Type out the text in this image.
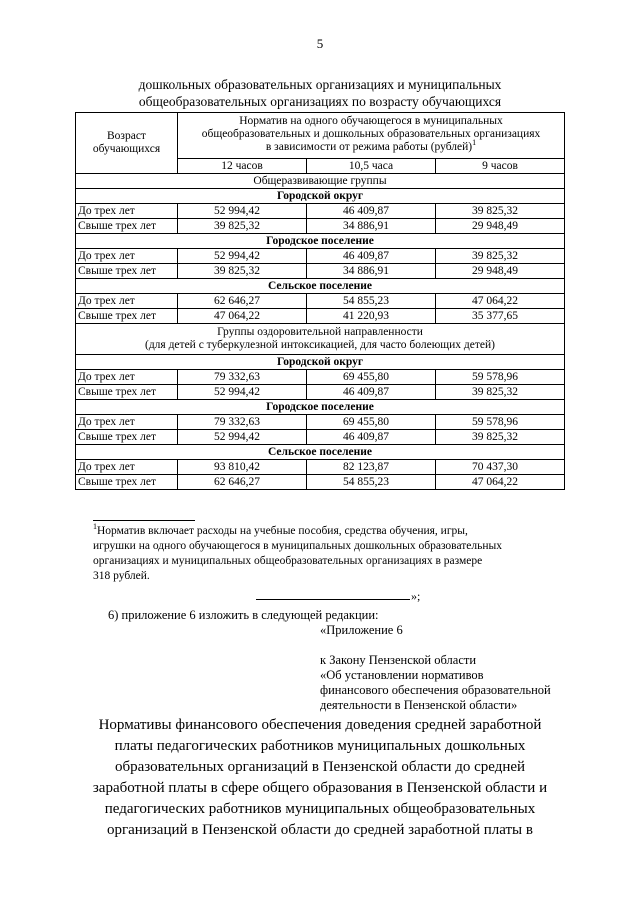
5
дошкольных образовательных организациях и муниципальных
общеобразовательных организациях по возрасту обучающихся
Возраст
обучающихся	Норматив на одного обучающегося в муниципальных
общеобразовательных и дошкольных образовательных организациях
в зависимости от режима работы (рублей)$^1$
	12 часов	10,5 часа	9 часов
Общеразвивающие группы			
Городской округ			
До трех лет	52 994,42	46 409,87	39 825,32
Свыше трех лет	39 825,32	34 886,91	29 948,49
Городское поселение			
До трех лет	52 994,42	46 409,87	39 825,32
Свыше трех лет	39 825,32	34 886,91	29 948,49
Сельское поселение			
До трех лет	62 646,27	54 855,23	47 064,22
Свыше трех лет	47 064,22	41 220,93	35 377,65
Группы оздоровительной направленности
(для детей с туберкулезной интоксикацией, для часто болеющих детей)			
Городской округ			
До трех лет	79 332,63	69 455,80	59 578,96
Свыше трех лет	52 994,42	46 409,87	39 825,32
Городское поселение			
До трех лет	79 332,63	69 455,80	59 578,96
Свыше трех лет	52 994,42	46 409,87	39 825,32
Сельское поселение			
До трех лет	93 810,42	82 123,87	70 437,30
Свыше трех лет	62 646,27	54 855,23	47 064,22
$^1$Норматив включает расходы на учебные пособия, средства обучения, игры,
игрушки на одного обучающегося в муниципальных дошкольных образовательных
организациях и муниципальных общеобразовательных организациях в размере
318 рублей.
»;
6) приложение 6 изложить в следующей редакции:
«Приложение 6
к Закону Пензенской области
«Об установлении нормативов
финансового обеспечения образовательной
деятельности в Пензенской области»
Нормативы финансового обеспечения доведения средней заработной
платы педагогических работников муниципальных дошкольных
образовательных организаций в Пензенской области до средней
заработной платы в сфере общего образования в Пензенской области и
педагогических работников муниципальных общеобразовательных
организаций в Пензенской области до средней заработной платы в
